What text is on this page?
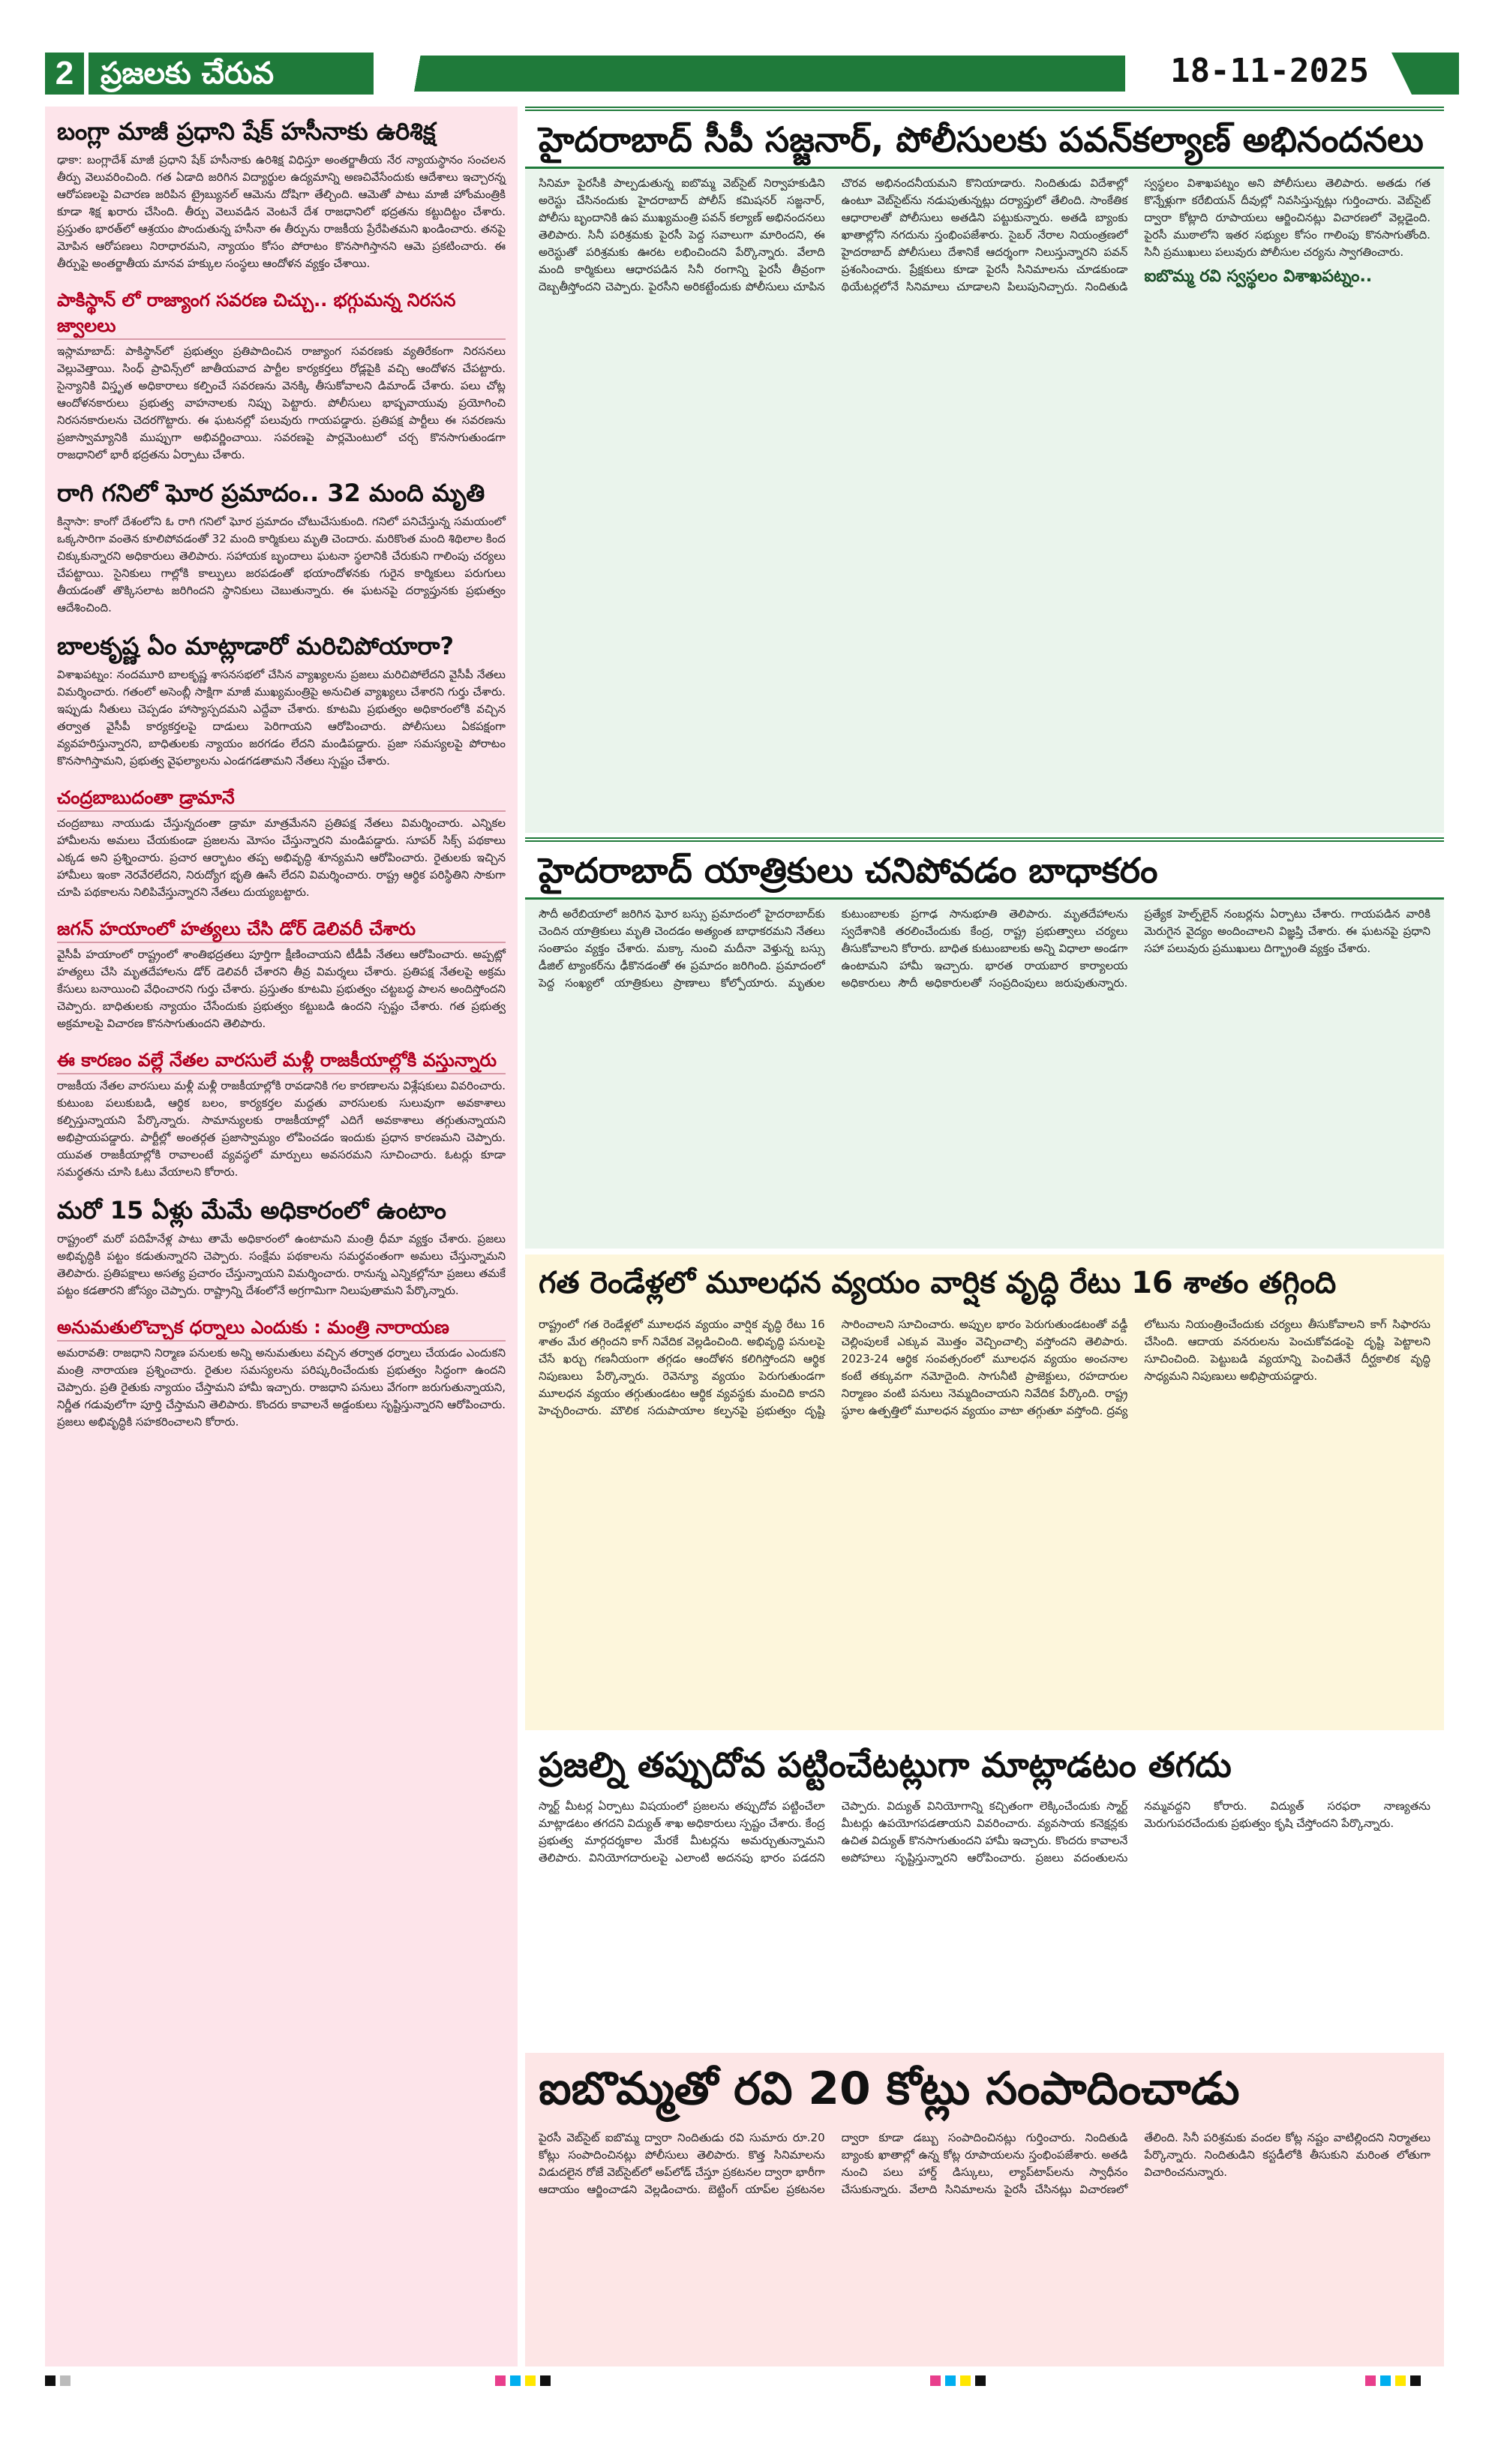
2 ప్రజలకు చేరువ	18-11-2025
బంగ్లా మాజీ ప్రధాని షేక్ హసీనాకు ఉరిశిక్ష

ఢాకా: బంగ్లాదేశ్ మాజీ ప్రధాని షేక్ హసీనాకు ఉరిశిక్ష విధిస్తూ అంతర్జాతీయ నేర న్యాయస్థానం సంచలన తీర్పు వెలువరించింది. గత ఏడాది జరిగిన విద్యార్థుల ఉద్యమాన్ని అణచివేసేందుకు ఆదేశాలు ఇచ్చారన్న ఆరోపణలపై విచారణ జరిపిన ట్రైబ్యునల్ ఆమెను దోషిగా తేల్చింది. ఆమెతో పాటు మాజీ హోంమంత్రికి కూడా శిక్ష ఖరారు చేసింది. తీర్పు వెలువడిన వెంటనే దేశ రాజధానిలో భద్రతను కట్టుదిట్టం చేశారు. ప్రస్తుతం భారత్‌లో ఆశ్రయం పొందుతున్న హసీనా ఈ తీర్పును రాజకీయ ప్రేరేపితమని ఖండించారు. తనపై మోపిన ఆరోపణలు నిరాధారమని, న్యాయం కోసం పోరాటం కొనసాగిస్తానని ఆమె ప్రకటించారు. ఈ తీర్పుపై అంతర్జాతీయ మానవ హక్కుల సంస్థలు ఆందోళన వ్యక్తం చేశాయి.

పాకిస్థాన్ లో రాజ్యాంగ సవరణ చిచ్చు.. భగ్గుమన్న నిరసన జ్వాలలు

ఇస్లామాబాద్: పాకిస్థాన్‌లో ప్రభుత్వం ప్రతిపాదించిన రాజ్యాంగ సవరణకు వ్యతిరేకంగా నిరసనలు వెల్లువెత్తాయి. సింధ్ ప్రావిన్స్‌లో జాతీయవాద పార్టీల కార్యకర్తలు రోడ్లపైకి వచ్చి ఆందోళన చేపట్టారు. సైన్యానికి విస్తృత అధికారాలు కల్పించే సవరణను వెనక్కి తీసుకోవాలని డిమాండ్ చేశారు. పలు చోట్ల ఆందోళనకారులు ప్రభుత్వ వాహనాలకు నిప్పు పెట్టారు. పోలీసులు భాష్పవాయువు ప్రయోగించి నిరసనకారులను చెదరగొట్టారు. ఈ ఘటనల్లో పలువురు గాయపడ్డారు. ప్రతిపక్ష పార్టీలు ఈ సవరణను ప్రజాస్వామ్యానికి ముప్పుగా అభివర్ణించాయి. సవరణపై పార్లమెంటులో చర్చ కొనసాగుతుండగా రాజధానిలో భారీ భద్రతను ఏర్పాటు చేశారు.

రాగి గనిలో ఘోర ప్రమాదం.. 32 మంది మృతి

కిన్షాసా: కాంగో దేశంలోని ఓ రాగి గనిలో ఘోర ప్రమాదం చోటుచేసుకుంది. గనిలో పనిచేస్తున్న సమయంలో ఒక్కసారిగా వంతెన కూలిపోవడంతో 32 మంది కార్మికులు మృతి చెందారు. మరికొంత మంది శిథిలాల కింద చిక్కుకున్నారని అధికారులు తెలిపారు. సహాయక బృందాలు ఘటనా స్థలానికి చేరుకుని గాలింపు చర్యలు చేపట్టాయి. సైనికులు గాల్లోకి కాల్పులు జరపడంతో భయాందోళనకు గురైన కార్మికులు పరుగులు తీయడంతో తొక్కిసలాట జరిగిందని స్థానికులు చెబుతున్నారు. ఈ ఘటనపై దర్యాప్తునకు ప్రభుత్వం ఆదేశించింది.

బాలకృష్ణ ఏం మాట్లాడారో మరిచిపోయారా?

విశాఖపట్నం: నందమూరి బాలకృష్ణ శాసనసభలో చేసిన వ్యాఖ్యలను ప్రజలు మరిచిపోలేదని వైసీపీ నేతలు విమర్శించారు. గతంలో అసెంబ్లీ సాక్షిగా మాజీ ముఖ్యమంత్రిపై అనుచిత వ్యాఖ్యలు చేశారని గుర్తు చేశారు. ఇప్పుడు నీతులు చెప్పడం హాస్యాస్పదమని ఎద్దేవా చేశారు. కూటమి ప్రభుత్వం అధికారంలోకి వచ్చిన తర్వాత వైసీపీ కార్యకర్తలపై దాడులు పెరిగాయని ఆరోపించారు. పోలీసులు ఏకపక్షంగా వ్యవహరిస్తున్నారని, బాధితులకు న్యాయం జరగడం లేదని మండిపడ్డారు. ప్రజా సమస్యలపై పోరాటం కొనసాగిస్తామని, ప్రభుత్వ వైఫల్యాలను ఎండగడతామని నేతలు స్పష్టం చేశారు.

చంద్రబాబుదంతా డ్రామానే

చంద్రబాబు నాయుడు చేస్తున్నదంతా డ్రామా మాత్రమేనని ప్రతిపక్ష నేతలు విమర్శించారు. ఎన్నికల హామీలను అమలు చేయకుండా ప్రజలను మోసం చేస్తున్నారని మండిపడ్డారు. సూపర్ సిక్స్ పథకాలు ఎక్కడ అని ప్రశ్నించారు. ప్రచార ఆర్భాటం తప్ప అభివృద్ధి శూన్యమని ఆరోపించారు. రైతులకు ఇచ్చిన హామీలు ఇంకా నెరవేరలేదని, నిరుద్యోగ భృతి ఊసే లేదని విమర్శించారు. రాష్ట్ర ఆర్థిక పరిస్థితిని సాకుగా చూపి పథకాలను నిలిపివేస్తున్నారని నేతలు దుయ్యబట్టారు.

జగన్ హయాంలో హత్యలు చేసి డోర్ డెలివరీ చేశారు

వైసీపీ హయాంలో రాష్ట్రంలో శాంతిభద్రతలు పూర్తిగా క్షీణించాయని టీడీపీ నేతలు ఆరోపించారు. అప్పట్లో హత్యలు చేసి మృతదేహాలను డోర్ డెలివరీ చేశారని తీవ్ర విమర్శలు చేశారు. ప్రతిపక్ష నేతలపై అక్రమ కేసులు బనాయించి వేధించారని గుర్తు చేశారు. ప్రస్తుతం కూటమి ప్రభుత్వం చట్టబద్ధ పాలన అందిస్తోందని చెప్పారు. బాధితులకు న్యాయం చేసేందుకు ప్రభుత్వం కట్టుబడి ఉందని స్పష్టం చేశారు. గత ప్రభుత్వ అక్రమాలపై విచారణ కొనసాగుతుందని తెలిపారు.

ఈ కారణం వల్లే నేతల వారసులే మళ్లీ రాజకీయాల్లోకి వస్తున్నారు

రాజకీయ నేతల వారసులు మళ్లీ మళ్లీ రాజకీయాల్లోకి రావడానికి గల కారణాలను విశ్లేషకులు వివరించారు. కుటుంబ పలుకుబడి, ఆర్థిక బలం, కార్యకర్తల మద్దతు వారసులకు సులువుగా అవకాశాలు కల్పిస్తున్నాయని పేర్కొన్నారు. సామాన్యులకు రాజకీయాల్లో ఎదిగే అవకాశాలు తగ్గుతున్నాయని అభిప్రాయపడ్డారు. పార్టీల్లో అంతర్గత ప్రజాస్వామ్యం లోపించడం ఇందుకు ప్రధాన కారణమని చెప్పారు. యువత రాజకీయాల్లోకి రావాలంటే వ్యవస్థలో మార్పులు అవసరమని సూచించారు. ఓటర్లు కూడా సమర్థతను చూసి ఓటు వేయాలని కోరారు.

మరో 15 ఏళ్లు మేమే అధికారంలో ఉంటాం

రాష్ట్రంలో మరో పదిహేనేళ్ల పాటు తామే అధికారంలో ఉంటామని మంత్రి ధీమా వ్యక్తం చేశారు. ప్రజలు అభివృద్ధికి పట్టం కడుతున్నారని చెప్పారు. సంక్షేమ పథకాలను సమర్థవంతంగా అమలు చేస్తున్నామని తెలిపారు. ప్రతిపక్షాలు అసత్య ప్రచారం చేస్తున్నాయని విమర్శించారు. రానున్న ఎన్నికల్లోనూ ప్రజలు తమకే పట్టం కడతారని జోస్యం చెప్పారు. రాష్ట్రాన్ని దేశంలోనే అగ్రగామిగా నిలుపుతామని పేర్కొన్నారు.

అనుమతులొచ్చాక ధర్నాలు ఎందుకు : మంత్రి నారాయణ

అమరావతి: రాజధాని నిర్మాణ పనులకు అన్ని అనుమతులు వచ్చిన తర్వాత ధర్నాలు చేయడం ఎందుకని మంత్రి నారాయణ ప్రశ్నించారు. రైతుల సమస్యలను పరిష్కరించేందుకు ప్రభుత్వం సిద్ధంగా ఉందని చెప్పారు. ప్రతి రైతుకు న్యాయం చేస్తామని హామీ ఇచ్చారు. రాజధాని పనులు వేగంగా జరుగుతున్నాయని, నిర్ణీత గడువులోగా పూర్తి చేస్తామని తెలిపారు. కొందరు కావాలనే అడ్డంకులు సృష్టిస్తున్నారని ఆరోపించారు. ప్రజలు అభివృద్ధికి సహకరించాలని కోరారు.

హైదరాబాద్ సీపీ సజ్జనార్, పోలీసులకు పవన్‌కల్యాణ్ అభినందనలు

సినిమా పైరసీకి పాల్పడుతున్న ఐబొమ్మ వెబ్‌సైట్ నిర్వాహకుడిని అరెస్టు చేసినందుకు హైదరాబాద్ పోలీస్ కమిషనర్ సజ్జనార్, పోలీసు బృందానికి ఉప ముఖ్యమంత్రి పవన్ కల్యాణ్ అభినందనలు తెలిపారు. సినీ పరిశ్రమకు పైరసీ పెద్ద సవాలుగా మారిందని, ఈ అరెస్టుతో పరిశ్రమకు ఊరట లభించిందని పేర్కొన్నారు. వేలాది మంది కార్మికులు ఆధారపడిన సినీ రంగాన్ని పైరసీ తీవ్రంగా దెబ్బతీస్తోందని చెప్పారు. పైరసీని అరికట్టేందుకు పోలీసులు చూపిన చొరవ అభినందనీయమని కొనియాడారు. నిందితుడు విదేశాల్లో ఉంటూ వెబ్‌సైట్‌ను నడుపుతున్నట్లు దర్యాప్తులో తేలింది. సాంకేతిక ఆధారాలతో పోలీసులు అతడిని పట్టుకున్నారు. అతడి బ్యాంకు ఖాతాల్లోని నగదును స్తంభింపజేశారు. సైబర్ నేరాల నియంత్రణలో హైదరాబాద్ పోలీసులు దేశానికే ఆదర్శంగా నిలుస్తున్నారని పవన్ ప్రశంసించారు. ప్రేక్షకులు కూడా పైరసీ సినిమాలను చూడకుండా థియేటర్లలోనే సినిమాలు చూడాలని పిలుపునిచ్చారు. నిందితుడి స్వస్థలం విశాఖపట్నం అని పోలీసులు తెలిపారు. అతడు గత కొన్నేళ్లుగా కరేబియన్ దీవుల్లో నివసిస్తున్నట్లు గుర్తించారు. వెబ్‌సైట్ ద్వారా కోట్లాది రూపాయలు ఆర్జించినట్లు విచారణలో వెల్లడైంది. పైరసీ ముఠాలోని ఇతర సభ్యుల కోసం గాలింపు కొనసాగుతోంది. సినీ ప్రముఖులు పలువురు పోలీసుల చర్యను స్వాగతించారు.

ఐబొమ్మ రవి స్వస్థలం విశాఖపట్నం..
హైదరాబాద్ యాత్రికులు చనిపోవడం బాధాకరం

సౌదీ అరేబియాలో జరిగిన ఘోర బస్సు ప్రమాదంలో హైదరాబాద్‌కు చెందిన యాత్రికులు మృతి చెందడం అత్యంత బాధాకరమని నేతలు సంతాపం వ్యక్తం చేశారు. మక్కా నుంచి మదీనా వెళ్తున్న బస్సు డీజిల్ ట్యాంకర్‌ను ఢీకొనడంతో ఈ ప్రమాదం జరిగింది. ప్రమాదంలో పెద్ద సంఖ్యలో యాత్రికులు ప్రాణాలు కోల్పోయారు. మృతుల కుటుంబాలకు ప్రగాఢ సానుభూతి తెలిపారు. మృతదేహాలను స్వదేశానికి తరలించేందుకు కేంద్ర, రాష్ట్ర ప్రభుత్వాలు చర్యలు తీసుకోవాలని కోరారు. బాధిత కుటుంబాలకు అన్ని విధాలా అండగా ఉంటామని హామీ ఇచ్చారు. భారత రాయబార కార్యాలయ అధికారులు సౌదీ అధికారులతో సంప్రదింపులు జరుపుతున్నారు. ప్రత్యేక హెల్ప్‌లైన్ నంబర్లను ఏర్పాటు చేశారు. గాయపడిన వారికి మెరుగైన వైద్యం అందించాలని విజ్ఞప్తి చేశారు. ఈ ఘటనపై ప్రధాని సహా పలువురు ప్రముఖులు దిగ్భ్రాంతి వ్యక్తం చేశారు.

గత రెండేళ్లలో మూలధన వ్యయం వార్షిక వృద్ధి రేటు 16 శాతం తగ్గింది

రాష్ట్రంలో గత రెండేళ్లలో మూలధన వ్యయం వార్షిక వృద్ధి రేటు 16 శాతం మేర తగ్గిందని కాగ్ నివేదిక వెల్లడించింది. అభివృద్ధి పనులపై చేసే ఖర్చు గణనీయంగా తగ్గడం ఆందోళన కలిగిస్తోందని ఆర్థిక నిపుణులు పేర్కొన్నారు. రెవెన్యూ వ్యయం పెరుగుతుండగా మూలధన వ్యయం తగ్గుతుండటం ఆర్థిక వ్యవస్థకు మంచిది కాదని హెచ్చరించారు. మౌలిక సదుపాయాల కల్పనపై ప్రభుత్వం దృష్టి సారించాలని సూచించారు. అప్పుల భారం పెరుగుతుండటంతో వడ్డీ చెల్లింపులకే ఎక్కువ మొత్తం వెచ్చించాల్సి వస్తోందని తెలిపారు. 2023-24 ఆర్థిక సంవత్సరంలో మూలధన వ్యయం అంచనాల కంటే తక్కువగా నమోదైంది. సాగునీటి ప్రాజెక్టులు, రహదారుల నిర్మాణం వంటి పనులు నెమ్మదించాయని నివేదిక పేర్కొంది. రాష్ట్ర స్థూల ఉత్పత్తిలో మూలధన వ్యయం వాటా తగ్గుతూ వస్తోంది. ద్రవ్య లోటును నియంత్రించేందుకు చర్యలు తీసుకోవాలని కాగ్ సిఫారసు చేసింది. ఆదాయ వనరులను పెంచుకోవడంపై దృష్టి పెట్టాలని సూచించింది. పెట్టుబడి వ్యయాన్ని పెంచితేనే దీర్ఘకాలిక వృద్ధి సాధ్యమని నిపుణులు అభిప్రాయపడ్డారు.

ప్రజల్ని తప్పుదోవ పట్టించేటట్లుగా మాట్లాడటం తగదు

స్మార్ట్ మీటర్ల ఏర్పాటు విషయంలో ప్రజలను తప్పుదోవ పట్టించేలా మాట్లాడటం తగదని విద్యుత్ శాఖ అధికారులు స్పష్టం చేశారు. కేంద్ర ప్రభుత్వ మార్గదర్శకాల మేరకే మీటర్లను అమర్చుతున్నామని తెలిపారు. వినియోగదారులపై ఎలాంటి అదనపు భారం పడదని చెప్పారు. విద్యుత్ వినియోగాన్ని కచ్చితంగా లెక్కించేందుకు స్మార్ట్ మీటర్లు ఉపయోగపడతాయని వివరించారు. వ్యవసాయ కనెక్షన్లకు ఉచిత విద్యుత్ కొనసాగుతుందని హామీ ఇచ్చారు. కొందరు కావాలనే అపోహలు సృష్టిస్తున్నారని ఆరోపించారు. ప్రజలు వదంతులను నమ్మవద్దని కోరారు. విద్యుత్ సరఫరా నాణ్యతను మెరుగుపరచేందుకు ప్రభుత్వం కృషి చేస్తోందని పేర్కొన్నారు.

ఐబొమ్మతో రవి 20 కోట్లు సంపాదించాడు

పైరసీ వెబ్‌సైట్ ఐబొమ్మ ద్వారా నిందితుడు రవి సుమారు రూ.20 కోట్లు సంపాదించినట్లు పోలీసులు తెలిపారు. కొత్త సినిమాలను విడుదలైన రోజే వెబ్‌సైట్‌లో అప్‌లోడ్ చేస్తూ ప్రకటనల ద్వారా భారీగా ఆదాయం ఆర్జించాడని వెల్లడించారు. బెట్టింగ్ యాప్‌ల ప్రకటనల ద్వారా కూడా డబ్బు సంపాదించినట్లు గుర్తించారు. నిందితుడి బ్యాంకు ఖాతాల్లో ఉన్న కోట్ల రూపాయలను స్తంభింపజేశారు. అతడి నుంచి పలు హార్డ్ డిస్కులు, ల్యాప్‌టాప్‌లను స్వాధీనం చేసుకున్నారు. వేలాది సినిమాలను పైరసీ చేసినట్లు విచారణలో తేలింది. సినీ పరిశ్రమకు వందల కోట్ల నష్టం వాటిల్లిందని నిర్మాతలు పేర్కొన్నారు. నిందితుడిని కస్టడీలోకి తీసుకుని మరింత లోతుగా విచారించనున్నారు.
